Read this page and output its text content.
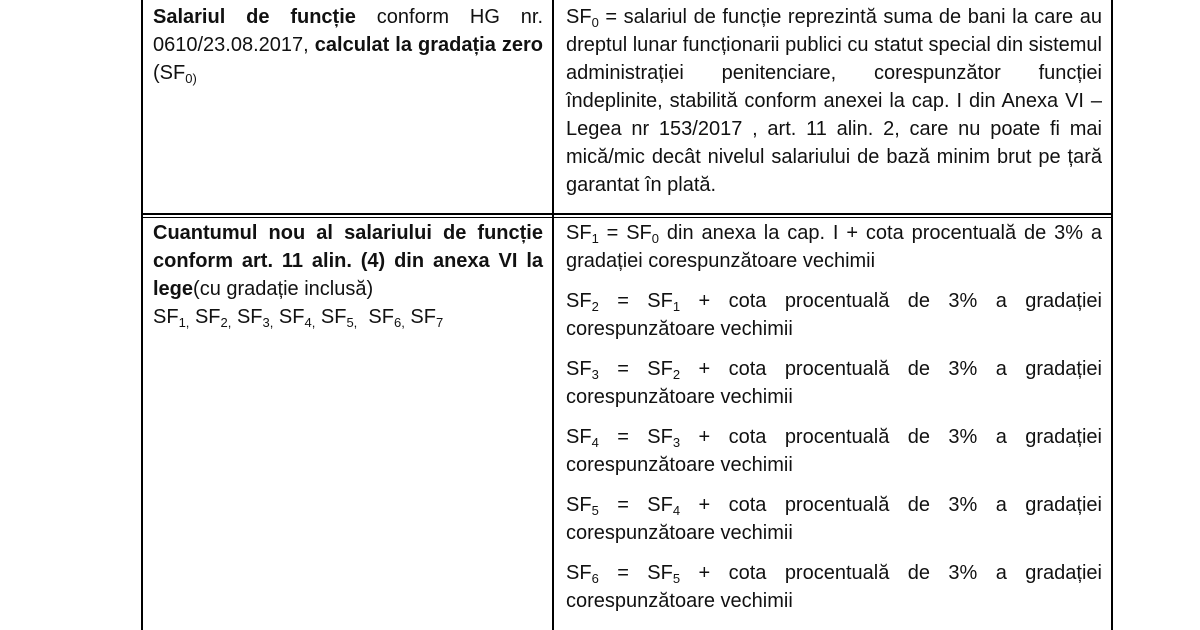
Salariul de funcție conform HG nr. 0610/23.08.2017, calculat la gradația zero ($SF_{0)}$
$SF_0$ = salariul de funcție reprezintă suma de bani la care au dreptul lunar funcționarii publici cu statut special din sistemul administrației penitenciare, corespunzător funcției îndeplinite, stabilită conform anexei la cap. I din Anexa VI –Legea nr 153/2017 , art. 11 alin. 2, care nu poate fi mai mică/mic decât nivelul salariului de bază minim brut pe țară garantat în plată.
Cuantumul nou al salariului de funcție conform art. 11 alin. (4) din anexa VI la lege(cu gradație inclusă)
$SF_{1,}$ $SF_{2,}$ $SF_{3,}$ $SF_{4,}$ $SF_{5,}$ $SF_{6,}$ $SF_7$
$SF_1 = SF_0$ din anexa la cap. I + cota procentuală de 3% a gradației corespunzătoare vechimii
$SF_2 = SF_1 + \cot a$ procentuală de 3% a gradației corespunzătoare vechimii
$SF_3 = SF_2 + \cot a$ procentuală de 3% a gradației corespunzătoare vechimii
$SF_4 = SF_3 + \cot a$ procentuală de 3% a gradației corespunzătoare vechimii
$SF_5 = SF_4 + \cot a$ procentuală de 3% a gradației corespunzătoare vechimii
$SF_6 = SF_5 + \cot a$ procentuală de 3% a gradației corespunzătoare vechimii
